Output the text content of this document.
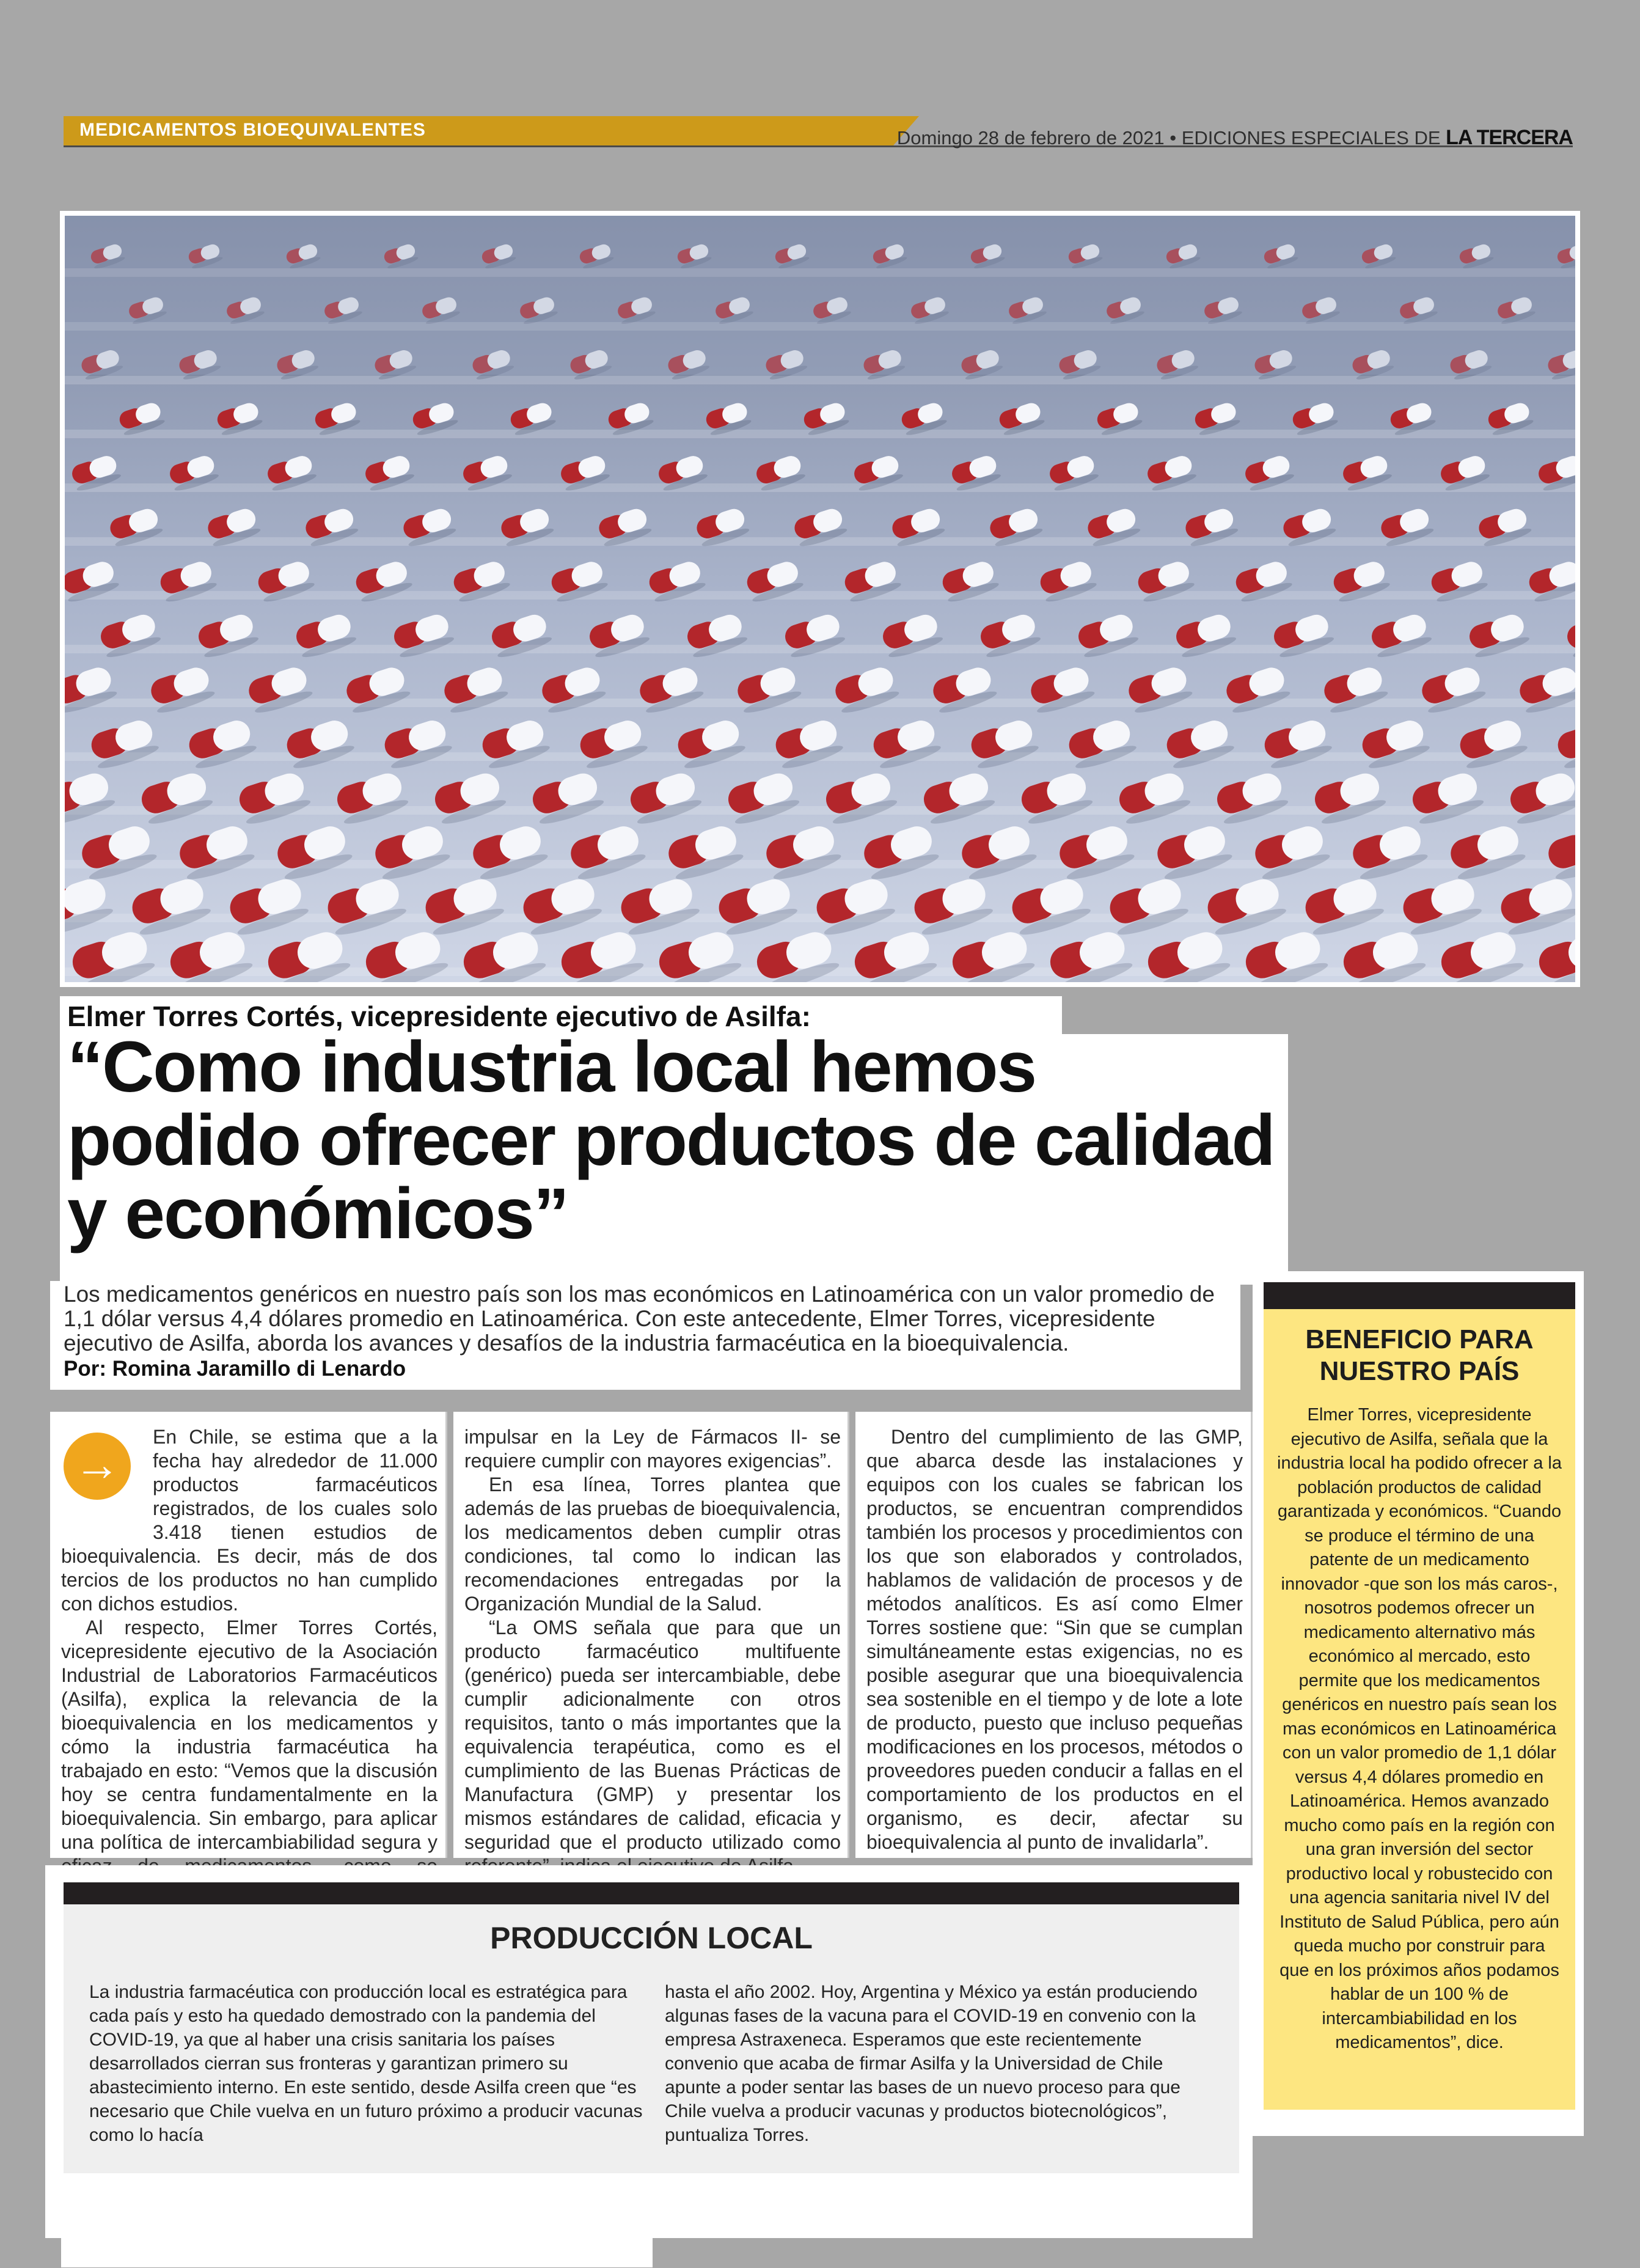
MEDICAMENTOS BIOEQUIVALENTES	Domingo 28 de febrero de 2021 • EDICIONES ESPECIALES DE LA TERCERA
Elmer Torres Cortés, vicepresidente ejecutivo de Asilfa:
“Como industria local hemos podido ofrecer productos de calidad y económicos”

Los medicamentos genéricos en nuestro país son los mas económicos en Latinoamérica con un valor promedio de 1,1 dólar versus 4,4 dólares promedio en Latinoamérica. Con este antecedente, Elmer Torres, vicepresidente ejecutivo de Asilfa, aborda los avances y desafíos de la industria farmacéutica en la bioequivalencia.

Por: Romina Jaramillo di Lenardo

En Chile, se estima que a la fecha hay alrededor de 11.000 productos farmacéuticos registrados, de los cuales solo 3.418 tienen estudios de bioequivalencia. Es decir, más de dos tercios de los productos no han cumplido con dichos estudios.

Al respecto, Elmer Torres Cortés, vicepresidente ejecutivo de la Asociación Industrial de Laboratorios Farmacéuticos (Asilfa), explica la relevancia de la bioequivalencia en los medicamentos y cómo la industria farmacéutica ha trabajado en esto: “Vemos que la discusión hoy se centra fundamentalmente en la bioequivalencia. Sin embargo, para aplicar una política de intercambiabilidad segura y

→

impulsar en la Ley de Fármacos II- se requiere cumplir con mayores exigencias”.

En esa línea, Torres plantea que además de las pruebas de bioequivalencia, los medicamentos deben cumplir otras condiciones, tal como lo indican las recomendaciones entregadas por la Organización Mundial de la Salud.

“La OMS señala que para que un producto farmacéutico multifuente (genérico) pueda ser intercambiable, debe cumplir adicionalmente con otros requisitos, tanto o más importantes que la equivalencia terapéutica, como es el cumplimiento de las Buenas Prácticas de Manufactura (GMP) y presentar los mismos estándares de calidad, eficacia y seguridad que el producto utilizado como

Dentro del cumplimiento de las GMP, que abarca desde las instalaciones y equipos con los cuales se fabrican los productos, se encuentran comprendidos también los procesos y procedimientos con los que son elaborados y controlados, hablamos de validación de procesos y de métodos analíticos. Es así como Elmer Torres sostiene que: “Sin que se cumplan simultáneamente estas exigencias, no es posible asegurar que una bioequivalencia sea sostenible en el tiempo y de lote a lote de producto, puesto que incluso pequeñas modificaciones en los procesos, métodos o proveedores pueden conducir a fallas en el comportamiento de los productos en el organismo, es decir, afectar su bioequivalencia al punto de invalidarla”.

BENEFICIO PARA NUESTRO PAÍS

Elmer Torres, vicepresidente ejecutivo de Asilfa, señala que la industria local ha podido ofrecer a la población productos de calidad garantizada y económicos. “Cuando se produce el término de una patente de un medicamento innovador -que son los más caros-, nosotros podemos ofrecer un medicamento alternativo más económico al mercado, esto permite que los medicamentos genéricos en nuestro país sean los mas económicos en Latinoamérica con un valor promedio de 1,1 dólar versus 4,4 dólares promedio en Latinoamérica. Hemos avanzado mucho como país en la región con una gran inversión del sector productivo local y robustecido con una agencia sanitaria nivel IV del Instituto de Salud Pública, pero aún queda mucho por construir para que en los próximos años podamos hablar de un 100 % de intercambiabilidad en los medicamentos”, dice.

PRODUCCIÓN LOCAL

La industria farmacéutica con producción local es estratégica para cada país y esto ha quedado demostrado con la pandemia del COVID-19, ya que al haber una crisis sanitaria los países desarrollados cierran sus fronteras y garantizan primero su abastecimiento interno. En este sentido, desde Asilfa creen que “es necesario que Chile vuelva en un futuro próximo a producir vacunas como lo hacía

hasta el año 2002. Hoy, Argentina y México ya están produciendo algunas fases de la vacuna para el COVID-19 en convenio con la empresa Astraxeneca. Esperamos que este recientemente convenio que acaba de firmar Asilfa y la Universidad de Chile apunte a poder sentar las bases de un nuevo proceso para que Chile vuelva a producir vacunas y productos biotecnológicos”, puntualiza Torres.
